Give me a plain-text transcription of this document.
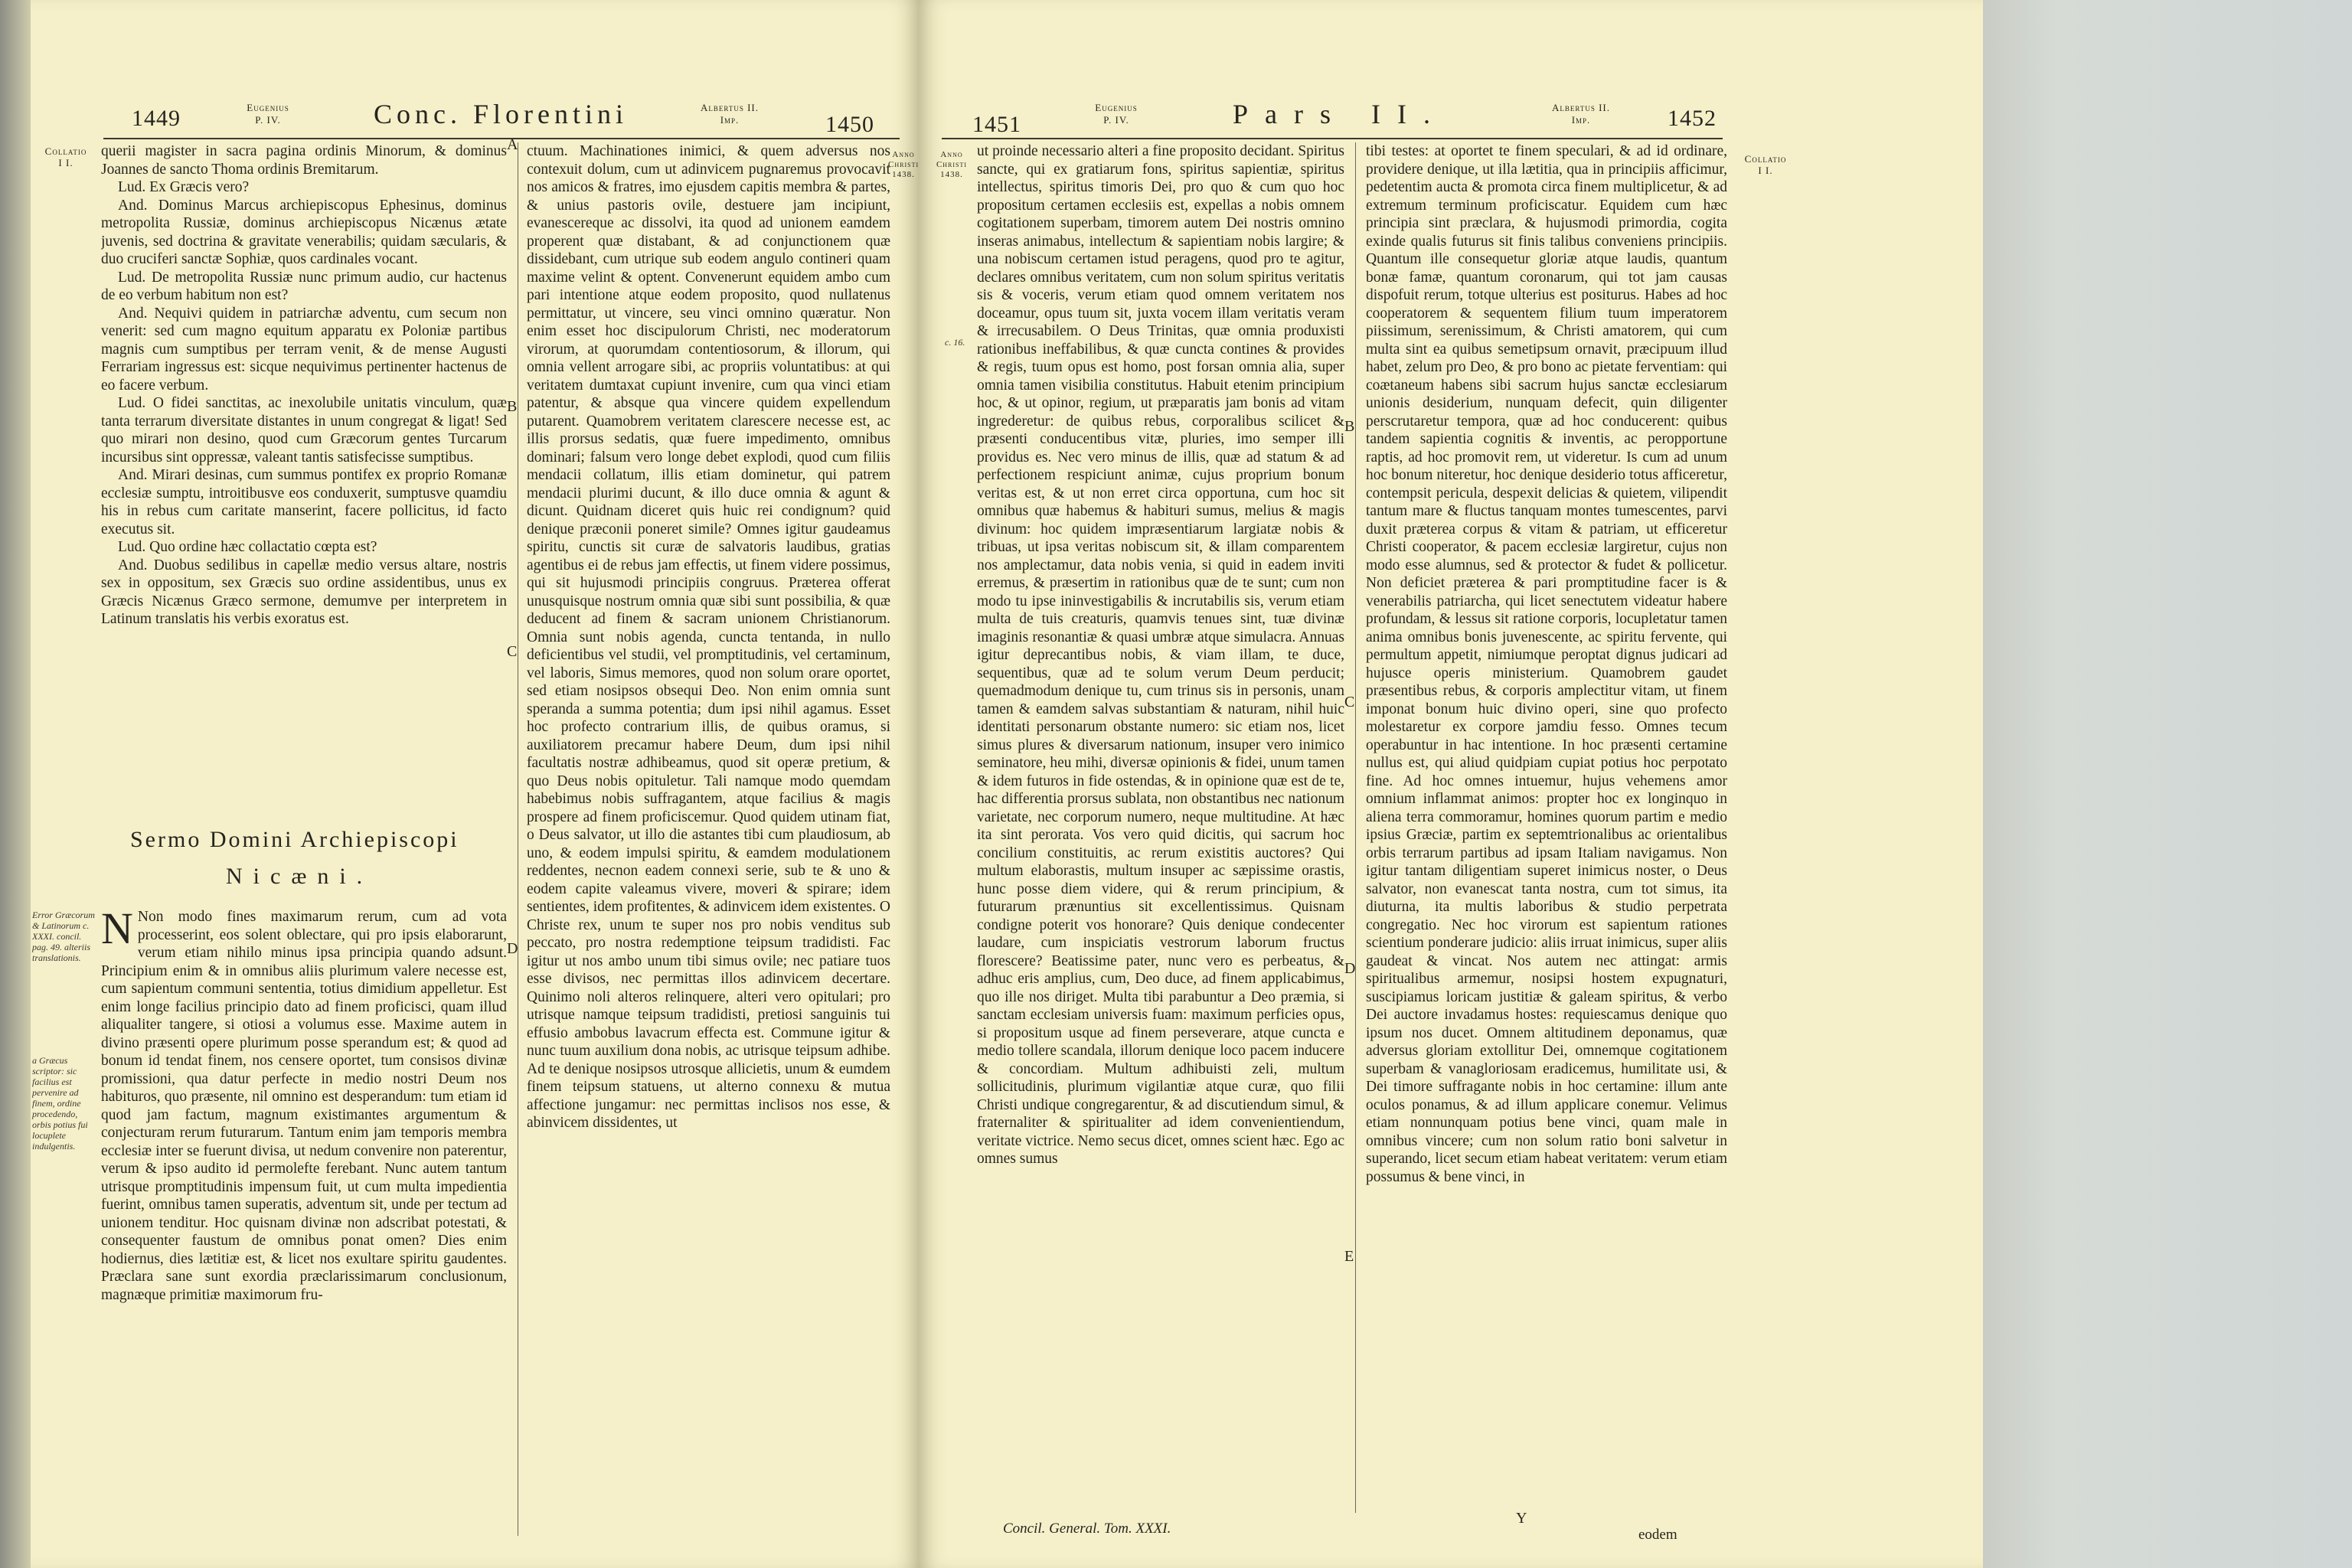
1449	Eugenius
P. IV.	Conc. Florentini	Albertus II.
Imp.	1450
Collatio
I I.

querii magister in sacra pagina ordinis Minorum, & dominus Joannes de sancto Thoma ordinis Bremitarum.

Lud. Ex Græcis vero?

And. Dominus Marcus archiepiscopus Ephesinus, dominus metropolita Russiæ, dominus archiepiscopus Nicænus ætate juvenis, sed doctrina & gravitate venerabilis; quidam sæcularis, & duo cruciferi sanctæ Sophiæ, quos cardinales vocant.

Lud. De metropolita Russiæ nunc primum audio, cur hactenus de eo verbum habitum non est?

And. Nequivi quidem in patriarchæ adventu, cum secum non venerit: sed cum magno equitum apparatu ex Poloniæ partibus magnis cum sumptibus per terram venit, & de mense Augusti Ferrariam ingressus est: sicque nequivimus pertinenter hactenus de eo facere verbum.

Lud. O fidei sanctitas, ac inexolubile unitatis vinculum, quæ tanta terrarum diversitate distantes in unum congregat & ligat! Sed quo mirari non desino, quod cum Græcorum gentes Turcarum incursibus sint oppressæ, valeant tantis satisfecisse sumptibus.

And. Mirari desinas, cum summus pontifex ex proprio Romanæ ecclesiæ sumptu, introitibusve eos conduxerit, sumptusve quamdiu his in rebus cum caritate manserint, facere pollicitus, id facto executus sit.

Lud. Quo ordine hæc collactatio cœpta est?

And. Duobus sedilibus in capellæ medio versus altare, nostris sex in oppositum, sex Græcis suo ordine assidentibus, unus ex Græcis Nicænus Græco sermone, demumve per interpretem in Latinum translatis his verbis exoratus est.

Sermo Domini Archiepiscopi
Nicæni.
Error Græcorum & Latinorum c. XXXI. concil. pag. 49. alteriis translationis.
a Græcus scriptor: sic facilius est pervenire ad finem, ordine procedendo, orbis potius fui locuplete indulgentis.

N Non modo fines maximarum rerum, cum ad vota processerint, eos solent oblectare, qui pro ipsis elaborarunt, verum etiam nihilo minus ipsa principia quando adsunt. Principium enim & in omnibus aliis plurimum valere necesse est, cum sapientum communi sententia, totius dimidium appelletur. Est enim longe facilius principio dato ad finem proficisci, quam illud aliqualiter tangere, si otiosi a volumus esse. Maxime autem in divino præsenti opere plurimum posse sperandum est; & quod ad bonum id tendat finem, nos censere oportet, tum consisos divinæ promissioni, qua datur perfecte in medio nostri Deum nos habituros, quo præsente, nil omnino est desperandum: tum etiam id quod jam factum, magnum existimantes argumentum & conjecturam rerum futurarum. Tantum enim jam temporis membra ecclesiæ inter se fuerunt divisa, ut nedum convenire non paterentur, verum & ipso audito id permolefte ferebant. Nunc autem tantum utrisque promptitudinis impensum fuit, ut cum multa impedientia fuerint, omnibus tamen superatis, adventum sit, unde per tectum ad unionem tenditur. Hoc quisnam divinæ non adscribat potestati, & consequenter faustum de omnibus ponat omen? Dies enim hodiernus, dies lætitiæ est, & licet nos exultare spiritu gaudentes. Præclara sane sunt exordia præclarissimarum conclusionum, magnæque primitiæ maximorum fru-

ctuum. Machinationes inimici, & quem adversus nos contexuit dolum, cum ut adinvicem pugnaremus provocavit nos amicos & fratres, imo ejusdem capitis membra & partes, & unius pastoris ovile, destuere jam incipiunt, evanescereque ac dissolvi, ita quod ad unionem eamdem properent quæ distabant, & ad conjunctionem quæ dissidebant, cum utrique sub eodem angulo contineri quam maxime velint & optent. Convenerunt equidem ambo cum pari intentione atque eodem proposito, quod nullatenus permittatur, ut vincere, seu vinci omnino quæratur. Non enim esset hoc discipulorum Christi, nec moderatorum virorum, at quorumdam contentiosorum, & illorum, qui omnia vellent arrogare sibi, ac propriis voluntatibus: at qui veritatem dumtaxat cupiunt invenire, cum qua vinci etiam patentur, & absque qua vincere quidem expellendum putarent. Quamobrem veritatem clarescere necesse est, ac illis prorsus sedatis, quæ fuere impedimento, omnibus dominari; falsum vero longe debet explodi, quod cum filiis mendacii collatum, illis etiam dominetur, qui patrem mendacii plurimi ducunt, & illo duce omnia & agunt & dicunt. Quidnam diceret quis huic rei condignum? quid denique præconii poneret simile? Omnes igitur gaudeamus spiritu, cunctis sit curæ de salvatoris laudibus, gratias agentibus ei de rebus jam effectis, ut finem videre possimus, qui sit hujusmodi principiis congruus. Præterea offerat unusquisque nostrum omnia quæ sibi sunt possibilia, & quæ deducent ad finem & sacram unionem Christianorum. Omnia sunt nobis agenda, cuncta tentanda, in nullo deficientibus vel studii, vel promptitudinis, vel certaminum, vel laboris, Simus memores, quod non solum orare oportet, sed etiam nosipsos obsequi Deo. Non enim omnia sunt speranda a summa potentia; dum ipsi nihil agamus. Esset hoc profecto contrarium illis, de quibus oramus, si auxiliatorem precamur habere Deum, dum ipsi nihil facultatis nostræ adhibeamus, quod sit operæ pretium, & quo Deus nobis opituletur. Tali namque modo quemdam habebimus nobis suffragantem, atque facilius & magis prospere ad finem proficiscemur. Quod quidem utinam fiat, o Deus salvator, ut illo die astantes tibi cum plaudiosum, ab uno, & eodem impulsi spiritu, & eamdem modulationem reddentes, necnon eadem connexi serie, sub te & uno & eodem capite valeamus vivere, moveri & spirare; idem sentientes, idem profitentes, & adinvicem idem existentes. O Christe rex, unum te super nos pro nobis venditus sub peccato, pro nostra redemptione teipsum tradidisti. Fac igitur ut nos ambo unum tibi simus ovile; nec patiare tuos esse divisos, nec permittas illos adinvicem decertare. Quinimo noli alteros relinquere, alteri vero opitulari; pro utrisque namque teipsum tradidisti, pretiosi sanguinis tui effusio ambobus lavacrum effecta est. Commune igitur & nunc tuum auxilium dona nobis, ac utrisque teipsum adhibe. Ad te denique nosipsos utrosque allicietis, unum & eumdem finem teipsum statuens, ut alterno connexu & mutua affectione jungamur: nec permittas inclisos nos esse, & abinvicem dissidentes, ut

A
B
C
D
Anno Christi
1438.
1451
Eugenius
P. IV.	Pars II.	Albertus II.
Imp.	1452
Anno Christi
1438.
c. 16.

ut proinde necessario alteri a fine proposito decidant. Spiritus sancte, qui ex gratiarum fons, spiritus sapientiæ, spiritus intellectus, spiritus timoris Dei, pro quo & cum quo hoc propositum certamen ecclesiis est, expellas a nobis omnem cogitationem superbam, timorem autem Dei nostris omnino inseras animabus, intellectum & sapientiam nobis largire; & una nobiscum certamen istud peragens, quod pro te agitur, declares omnibus veritatem, cum non solum spiritus veritatis sis & voceris, verum etiam quod omnem veritatem nos doceamur, opus tuum sit, juxta vocem illam veritatis veram & irrecusabilem. O Deus Trinitas, quæ omnia produxisti rationibus ineffabilibus, & quæ cuncta contines & provides & regis, tuum opus est homo, post forsan omnia alia, super omnia tamen visibilia constitutus. Habuit etenim principium hoc, & ut opinor, regium, ut præparatis jam bonis ad vitam ingrederetur: de quibus rebus, corporalibus scilicet & præsenti conducentibus vitæ, pluries, imo semper illi providus es. Nec vero minus de illis, quæ ad statum & ad perfectionem respiciunt animæ, cujus proprium bonum veritas est, & ut non erret circa opportuna, cum hoc sit omnibus quæ habemus & habituri sumus, melius & magis divinum: hoc quidem impræsentiarum largiatæ nobis & tribuas, ut ipsa veritas nobiscum sit, & illam comparentem nos amplectamur, data nobis venia, si quid in eadem inviti erremus, & præsertim in rationibus quæ de te sunt; cum non modo tu ipse ininvestigabilis & incrutabilis sis, verum etiam multa de tuis creaturis, quamvis tenues sint, tuæ divinæ imaginis resonantiæ & quasi umbræ atque simulacra. Annuas igitur deprecantibus nobis, & viam illam, te duce, sequentibus, quæ ad te solum verum Deum perducit; quemadmodum denique tu, cum trinus sis in personis, unam tamen & eamdem salvas substantiam & naturam, nihil huic identitati personarum obstante numero: sic etiam nos, licet simus plures & diversarum nationum, insuper vero inimico seminatore, heu mihi, diversæ opinionis & fidei, unum tamen & idem futuros in fide ostendas, & in opinione quæ est de te, hac differentia prorsus sublata, non obstantibus nec nationum varietate, nec corporum numero, neque multitudine. At hæc ita sint perorata. Vos vero quid dicitis, qui sacrum hoc concilium constituitis, ac rerum existitis auctores? Qui multum elaborastis, multum insuper ac sæpissime orastis, hunc posse diem videre, qui & rerum principium, & futurarum prænuntius sit excellentissimus. Quisnam condigne poterit vos honorare? Quis denique condecenter laudare, cum inspiciatis vestrorum laborum fructus florescere? Beatissime pater, nunc vero es perbeatus, & adhuc eris amplius, cum, Deo duce, ad finem applicabimus, quo ille nos diriget. Multa tibi parabuntur a Deo præmia, si sanctam ecclesiam universis fuam: maximum perficies opus, si propositum usque ad finem perseverare, atque cuncta e medio tollere scandala, illorum denique loco pacem inducere & concordiam. Multum adhibuisti zeli, multum sollicitudinis, plurimum vigilantiæ atque curæ, quo filii Christi undique congregarentur, & ad discutiendum simul, & fraternaliter & spiritualiter ad idem convenientiendum, veritate victrice. Nemo secus dicet, omnes scient hæc. Ego ac omnes sumus

B
C
D
E

tibi testes: at oportet te finem speculari, & ad id ordinare, providere denique, ut illa lætitia, qua in principiis afficimur, pedetentim aucta & promota circa finem multiplicetur, & ad extremum terminum proficiscatur. Equidem cum hæc principia sint præclara, & hujusmodi primordia, cogita exinde qualis futurus sit finis talibus conveniens principiis. Quantum ille consequetur gloriæ atque laudis, quantum bonæ famæ, quantum coronarum, qui tot jam causas dispofuit rerum, totque ulterius est positurus. Habes ad hoc cooperatorem & sequentem filium tuum imperatorem piissimum, serenissimum, & Christi amatorem, qui cum multa sint ea quibus semetipsum ornavit, præcipuum illud habet, zelum pro Deo, & pro bono ac pietate ferventiam: qui coætaneum habens sibi sacrum hujus sanctæ ecclesiarum unionis desiderium, nunquam defecit, quin diligenter perscrutaretur tempora, quæ ad hoc conducerent: quibus tandem sapientia cognitis & inventis, ac peropportune raptis, ad hoc promovit rem, ut videretur. Is cum ad unum hoc bonum niteretur, hoc denique desiderio totus afficeretur, contempsit pericula, despexit delicias & quietem, vilipendit tantum mare & fluctus tanquam montes tumescentes, parvi duxit præterea corpus & vitam & patriam, ut efficeretur Christi cooperator, & pacem ecclesiæ largiretur, cujus non modo esse alumnus, sed & protector & fudet & pollicetur. Non deficiet præterea & pari promptitudine facer is & venerabilis patriarcha, qui licet senectutem videatur habere profundam, & lessus sit ratione corporis, locupletatur tamen anima omnibus bonis juvenescente, ac spiritu fervente, qui permultum appetit, nimiumque peroptat dignus judicari ad hujusce operis ministerium. Quamobrem gaudet præsentibus rebus, & corporis amplectitur vitam, ut finem imponat bonum huic divino operi, sine quo profecto molestaretur ex corpore jamdiu fesso. Omnes tecum operabuntur in hac intentione. In hoc præsenti certamine nullus est, qui aliud quidpiam cupiat potius hoc perpotato fine. Ad hoc omnes intuemur, hujus vehemens amor omnium inflammat animos: propter hoc ex longinquo in aliena terra commoramur, homines quorum partim e medio ipsius Græciæ, partim ex septemtrionalibus ac orientalibus orbis terrarum partibus ad ipsam Italiam navigamus. Non igitur tantam diligentiam superet inimicus noster, o Deus salvator, non evanescat tanta nostra, cum tot simus, ita diuturna, ita multis laboribus & studio perpetrata congregatio. Nec hoc virorum est sapientum rationes scientium ponderare judicio: aliis irruat inimicus, super aliis gaudeat & vincat. Nos autem nec attingat: armis spiritualibus armemur, nosipsi hostem expugnaturi, suscipiamus loricam justitiæ & galeam spiritus, & verbo Dei auctore invadamus hostes: requiescamus denique quo ipsum nos ducet. Omnem altitudinem deponamus, quæ adversus gloriam extollitur Dei, omnemque cogitationem superbam & vanagloriosam eradicemus, humilitate usi, & Dei timore suffragante nobis in hoc certamine: illum ante oculos ponamus, & ad illum applicare conemur. Velimus etiam nonnunquam potius bene vinci, quam male in omnibus vincere; cum non solum ratio boni salvetur in superando, licet secum etiam habeat veritatem: verum etiam possumus & bene vinci, in

Collatio
I I.
Concil. General. Tom. XXXI.
Y
eodem
